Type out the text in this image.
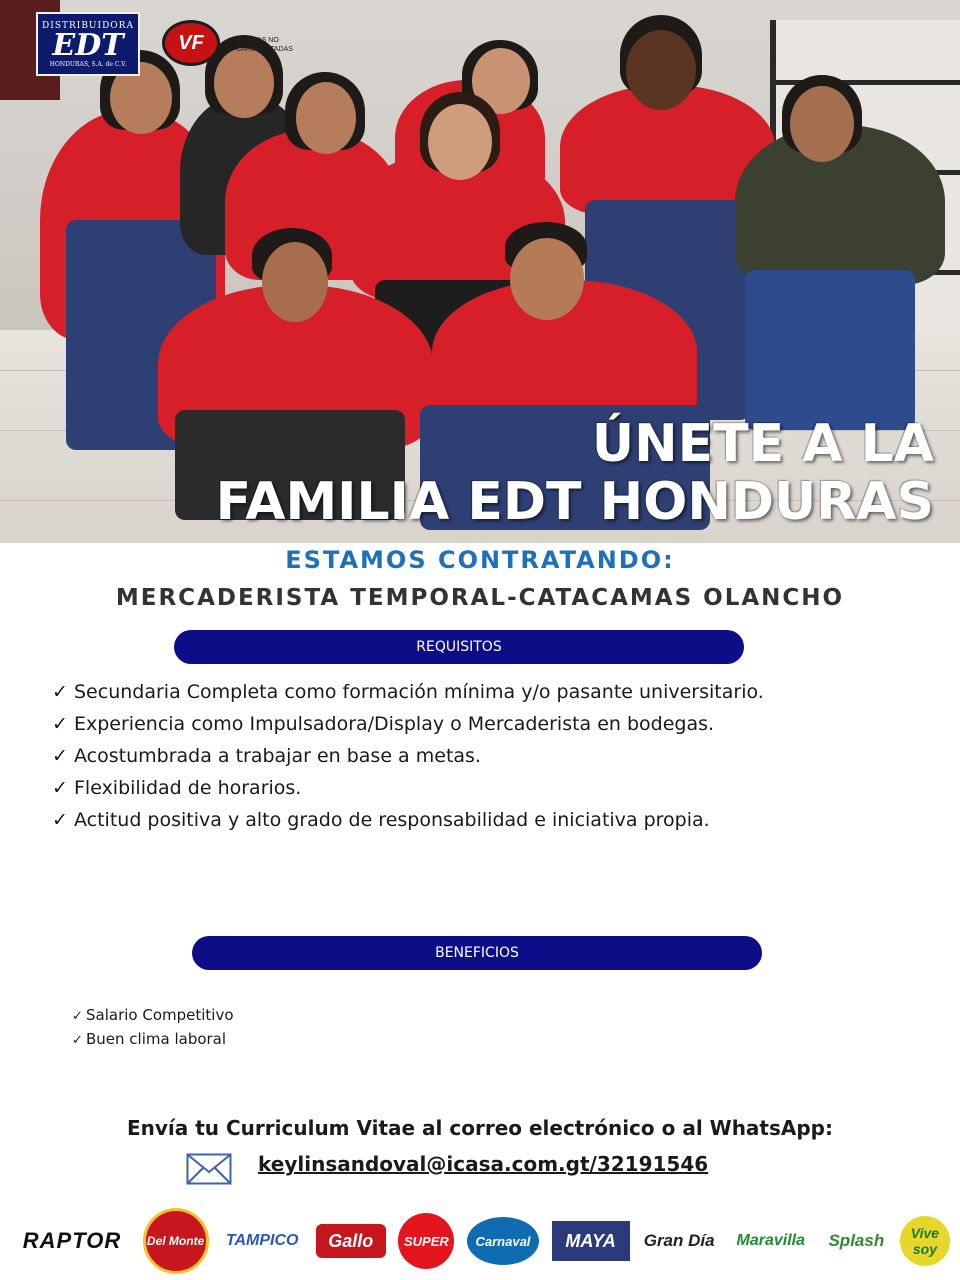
DISTRIBUIDORA
EDT
HONDURAS, S.A. de C.V.
VF	BEBIDAS NO CARBONATADAS
ÚNETE A LA
FAMILIA EDT HONDURAS
ESTAMOS CONTRATANDO:
MERCADERISTA TEMPORAL-CATACAMAS OLANCHO
REQUISITOS
✓ Secundaria Completa como formación mínima y/o pasante universitario.
✓ Experiencia como Impulsadora/Display o Mercaderista en bodegas.
✓ Acostumbrada a trabajar en base a metas.
✓ Flexibilidad de horarios.
✓ Actitud positiva y alto grado de responsabilidad e iniciativa propia.
BENEFICIOS
✓ Salario Competitivo
✓ Buen clima laboral
Envía tu Curriculum Vitae al correo electrónico o al WhatsApp:
keylinsandoval@icasa.com.gt/32191546
RAPTOR	Del Monte TAMPICO	Gallo	SUPER	Carnaval	MAYA	Gran Día	Maravilla	Splash	Vive soy
